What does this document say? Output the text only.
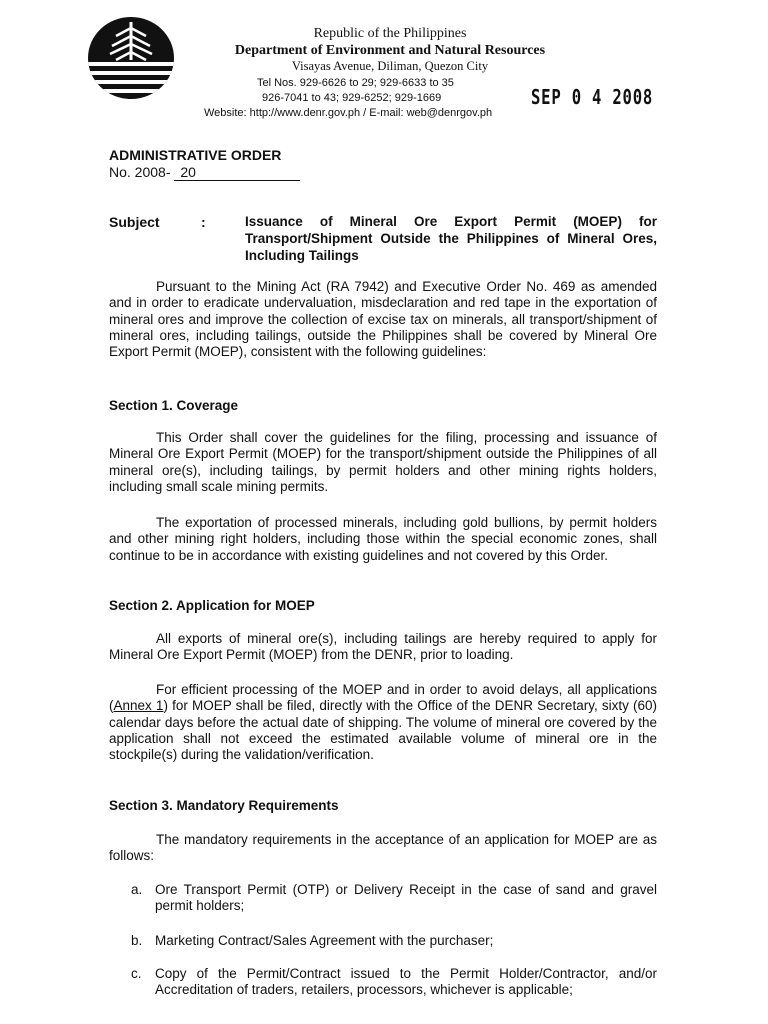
Republic of the Philippines
Department of Environment and Natural Resources
Visayas Avenue, Diliman, Quezon City
Tel Nos. 929-6626 to 29; 929-6633 to 35
926-7041 to 43; 929-6252; 929-1669
Website: http://www.denr.gov.ph / E-mail: web@denrgov.ph
SEP 0 4 2008
ADMINISTRATIVE ORDER
No. 2008- 20
Subject	:	Issuance of Mineral Ore Export Permit (MOEP) for Transport/Shipment Outside the Philippines of Mineral Ores, Including Tailings
Pursuant to the Mining Act (RA 7942) and Executive Order No. 469 as amended and in order to eradicate undervaluation, misdeclaration and red tape in the exportation of mineral ores and improve the collection of excise tax on minerals, all transport/shipment of mineral ores, including tailings, outside the Philippines shall be covered by Mineral Ore Export Permit (MOEP), consistent with the following guidelines:
Section 1. Coverage
This Order shall cover the guidelines for the filing, processing and issuance of Mineral Ore Export Permit (MOEP) for the transport/shipment outside the Philippines of all mineral ore(s), including tailings, by permit holders and other mining rights holders, including small scale mining permits.
The exportation of processed minerals, including gold bullions, by permit holders and other mining right holders, including those within the special economic zones, shall continue to be in accordance with existing guidelines and not covered by this Order.
Section 2. Application for MOEP
All exports of mineral ore(s), including tailings are hereby required to apply for Mineral Ore Export Permit (MOEP) from the DENR, prior to loading.
For efficient processing of the MOEP and in order to avoid delays, all applications (Annex 1) for MOEP shall be filed, directly with the Office of the DENR Secretary, sixty (60) calendar days before the actual date of shipping. The volume of mineral ore covered by the application shall not exceed the estimated available volume of mineral ore in the stockpile(s) during the validation/verification.
Section 3. Mandatory Requirements
The mandatory requirements in the acceptance of an application for MOEP are as follows:
a. Ore Transport Permit (OTP) or Delivery Receipt in the case of sand and gravel permit holders;
b. Marketing Contract/Sales Agreement with the purchaser;
c. Copy of the Permit/Contract issued to the Permit Holder/Contractor, and/or Accreditation of traders, retailers, processors, whichever is applicable;
